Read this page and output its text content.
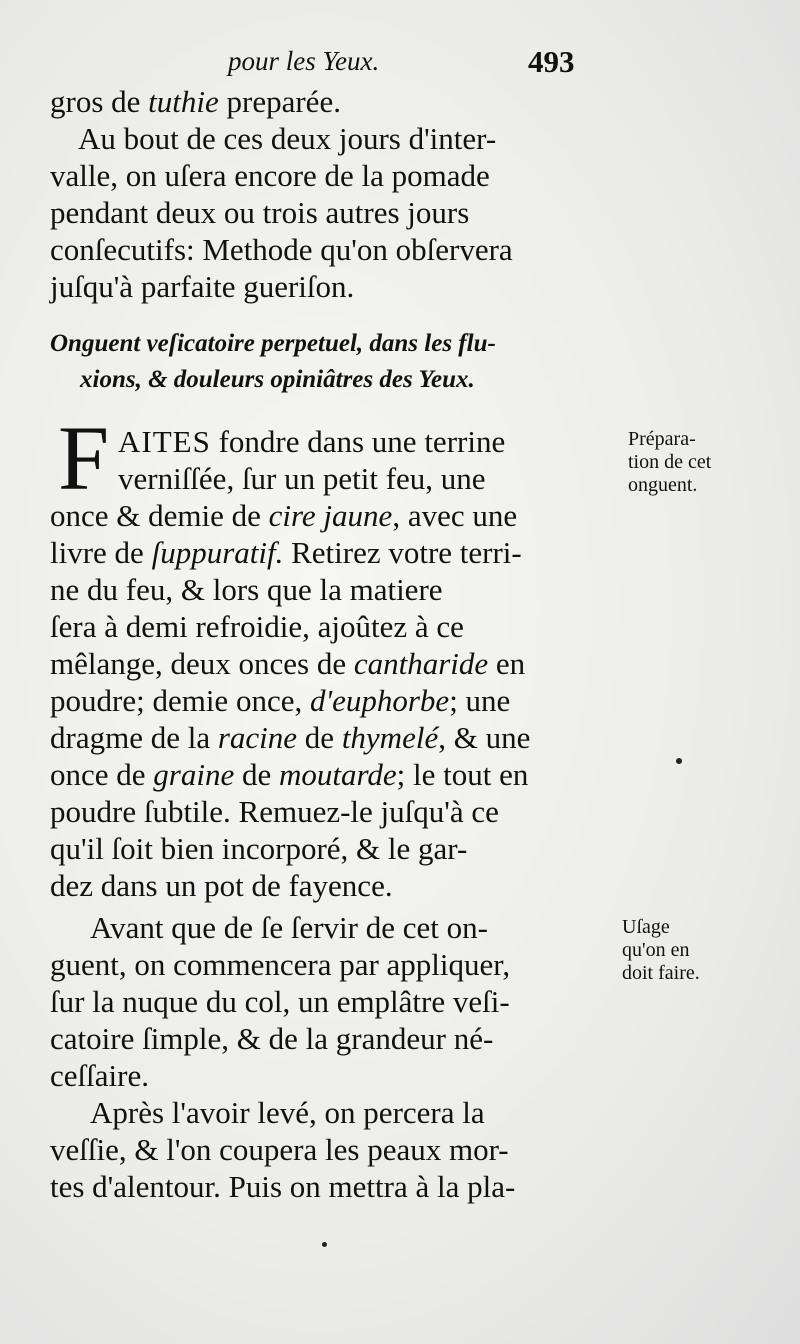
pour les Yeux.	493
gros de tuthie preparée.
Au bout de ces deux jours d'inter-
valle, on uſera encore de la pomade
pendant deux ou trois autres jours
conſecutifs: Methode qu'on obſervera
juſqu'à parfaite gueriſon.
Onguent veſicatoire perpetuel, dans les flu-
xions, & douleurs opiniâtres des Yeux.
F AITES fondre dans une terrine
verniſſée, ſur un petit feu, une
once & demie de cire jaune, avec une
livre de ſuppuratif. Retirez votre terri-
ne du feu, & lors que la matiere
ſera à demi refroidie, ajoûtez à ce
mêlange, deux onces de cantharide en
poudre; demie once, d'euphorbe; une
dragme de la racine de thymelé, & une
once de graine de moutarde; le tout en
poudre ſubtile. Remuez-le juſqu'à ce
qu'il ſoit bien incorporé, & le gar-
dez dans un pot de fayence.
Avant que de ſe ſervir de cet on-
guent, on commencera par appliquer,
ſur la nuque du col, un emplâtre veſi-
catoire ſimple, & de la grandeur né-
ceſſaire.
Après l'avoir levé, on percera la
veſſie, & l'on coupera les peaux mor-
tes d'alentour. Puis on mettra à la pla-
Prépara-
tion de cet
onguent.
Uſage
qu'on en
doit faire.
